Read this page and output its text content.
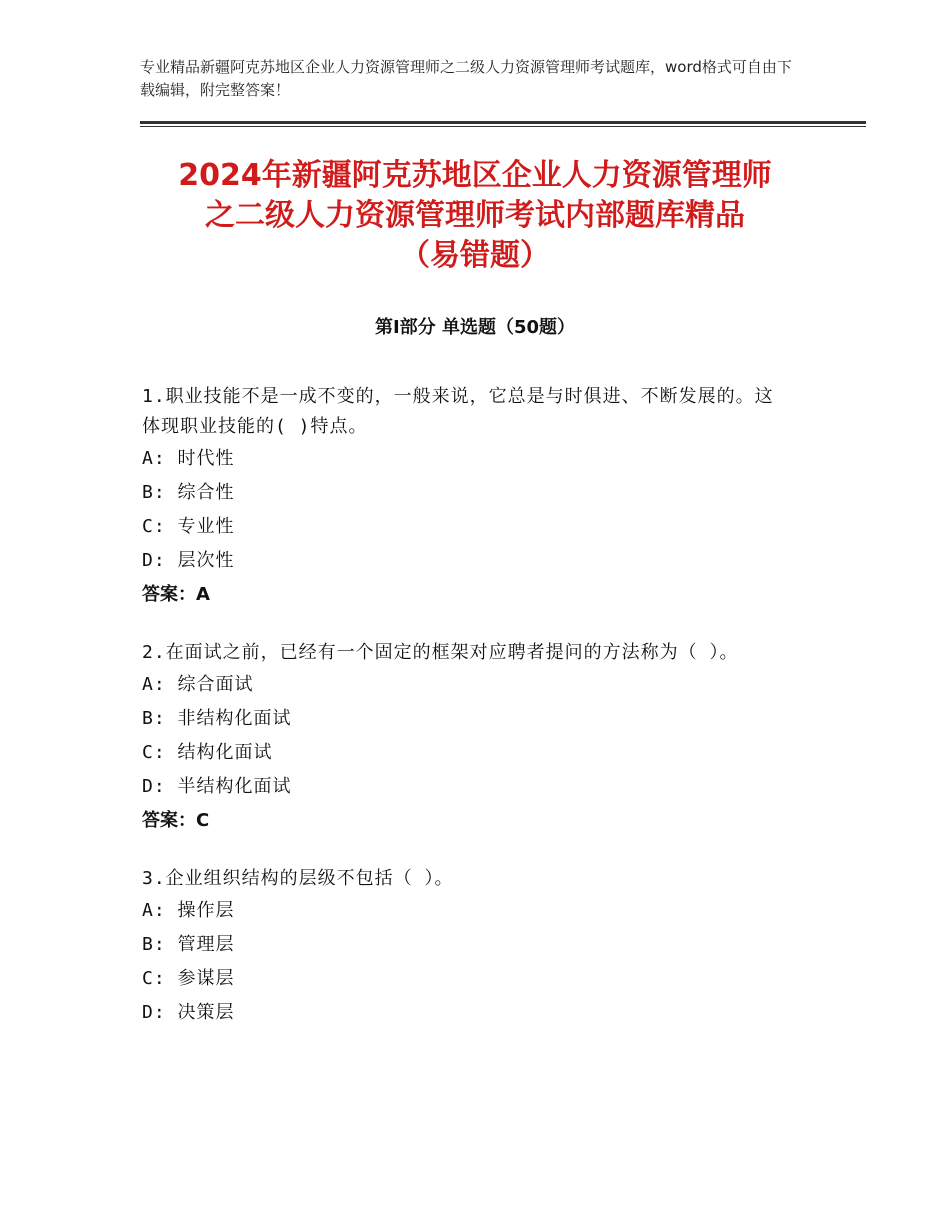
专业精品新疆阿克苏地区企业人力资源管理师之二级人力资源管理师考试题库，word格式可自由下载编辑，附完整答案！
2024年新疆阿克苏地区企业人力资源管理师
之二级人力资源管理师考试内部题库精品
（易错题）
第Ⅰ部分 单选题（50题）
1.职业技能不是一成不变的，一般来说，它总是与时俱进、不断发展的。这体现职业技能的( )特点。
A: 时代性
B: 综合性
C: 专业性
D: 层次性
答案：A
2.在面试之前，已经有一个固定的框架对应聘者提问的方法称为（ ）。
A: 综合面试
B: 非结构化面试
C: 结构化面试
D: 半结构化面试
答案：C
3.企业组织结构的层级不包括（ ）。
A: 操作层
B: 管理层
C: 参谋层
D: 决策层
